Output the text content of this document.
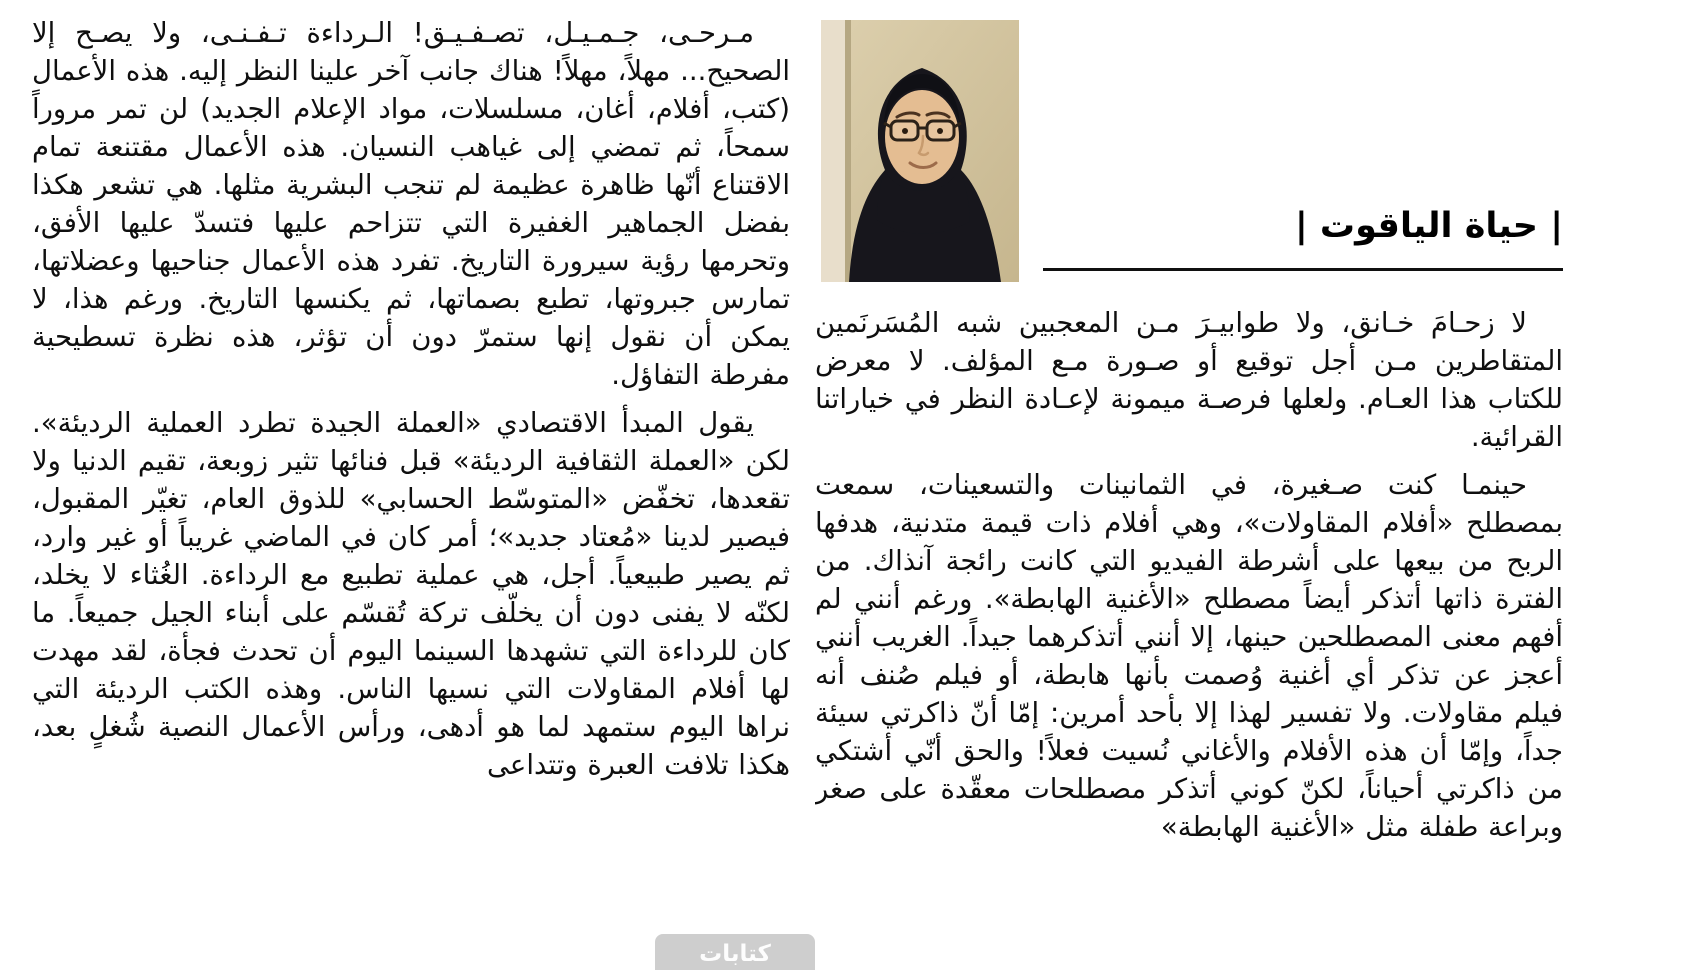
| حياة الياقوت |

لا زحـامَ خـانق، ولا طوابيـرَ مـن المعجبين شبه المُسَرنَمين المتقاطرين مـن أجل توقيع أو صـورة مـع المؤلف. لا معرض للكتاب هذا العـام. ولعلها فرصـة ميمونة لإعـادة النظر في خياراتنا القرائية.

حينمـا كنت صـغيرة، في الثمانينات والتسعينات، سمعت بمصطلح «أفلام المقاولات»، وهي أفلام ذات قيمة متدنية، هدفها الربح من بيعها على أشرطة الفيديو التي كانت رائجة آنذاك. من الفترة ذاتها أتذكر أيضاً مصطلح «الأغنية الهابطة». ورغم أنني لم أفهم معنى المصطلحين حينها، إلا أنني أتذكرهما جيداً. الغريب أنني أعجز عن تذكر أي أغنية وُصمت بأنها هابطة، أو فيلم صُنف أنه فيلم مقاولات. ولا تفسير لهذا إلا بأحد أمرين: إمّا أنّ ذاكرتي سيئة جداً، وإمّا أن هذه الأفلام والأغاني نُسيت فعلاً! والحق أنّي أشتكي من ذاكرتي أحياناً، لكنّ كوني أتذكر مصطلحات معقّدة على صغر وبراعة طفلة مثل «الأغنية الهابطة»

مـرحـى، جـمـيـل، تصـفـيـق! الـرداءة تـفـنـى، ولا يصـح إلا الصحيح... مهلاً، مهلاً! هناك جانب آخر علينا النظر إليه. هذه الأعمال (كتب، أفلام، أغان، مسلسلات، مواد الإعلام الجديد) لن تمر مروراً سمحاً، ثم تمضي إلى غياهب النسيان. هذه الأعمال مقتنعة تمام الاقتناع أنّها ظاهرة عظيمة لم تنجب البشرية مثلها. هي تشعر هكذا بفضل الجماهير الغفيرة التي تتزاحم عليها فتسدّ عليها الأفق، وتحرمها رؤية سيرورة التاريخ. تفرد هذه الأعمال جناحيها وعضلاتها، تمارس جبروتها، تطبع بصماتها، ثم يكنسها التاريخ. ورغم هذا، لا يمكن أن نقول إنها ستمرّ دون أن تؤثر، هذه نظرة تسطيحية مفرطة التفاؤل.

يقول المبدأ الاقتصادي «العملة الجيدة تطرد العملية الرديئة». لكن «العملة الثقافية الرديئة» قبل فنائها تثير زوبعة، تقيم الدنيا ولا تقعدها، تخفّض «المتوسّط الحسابي» للذوق العام، تغيّر المقبول، فيصير لدينا «مُعتاد جديد»؛ أمر كان في الماضي غريباً أو غير وارد، ثم يصير طبيعياً. أجل، هي عملية تطبيع مع الرداءة. الغُثاء لا يخلد، لكنّه لا يفنى دون أن يخلّف تركة تُقسّم على أبناء الجيل جميعاً. ما كان للرداءة التي تشهدها السينما اليوم أن تحدث فجأة، لقد مهدت لها أفلام المقاولات التي نسيها الناس. وهذه الكتب الرديئة التي نراها اليوم ستمهد لما هو أدهى، ورأس الأعمال النصية شُغلٍ بعد، هكذا تلافت العبرة وتتداعى

كتابات
